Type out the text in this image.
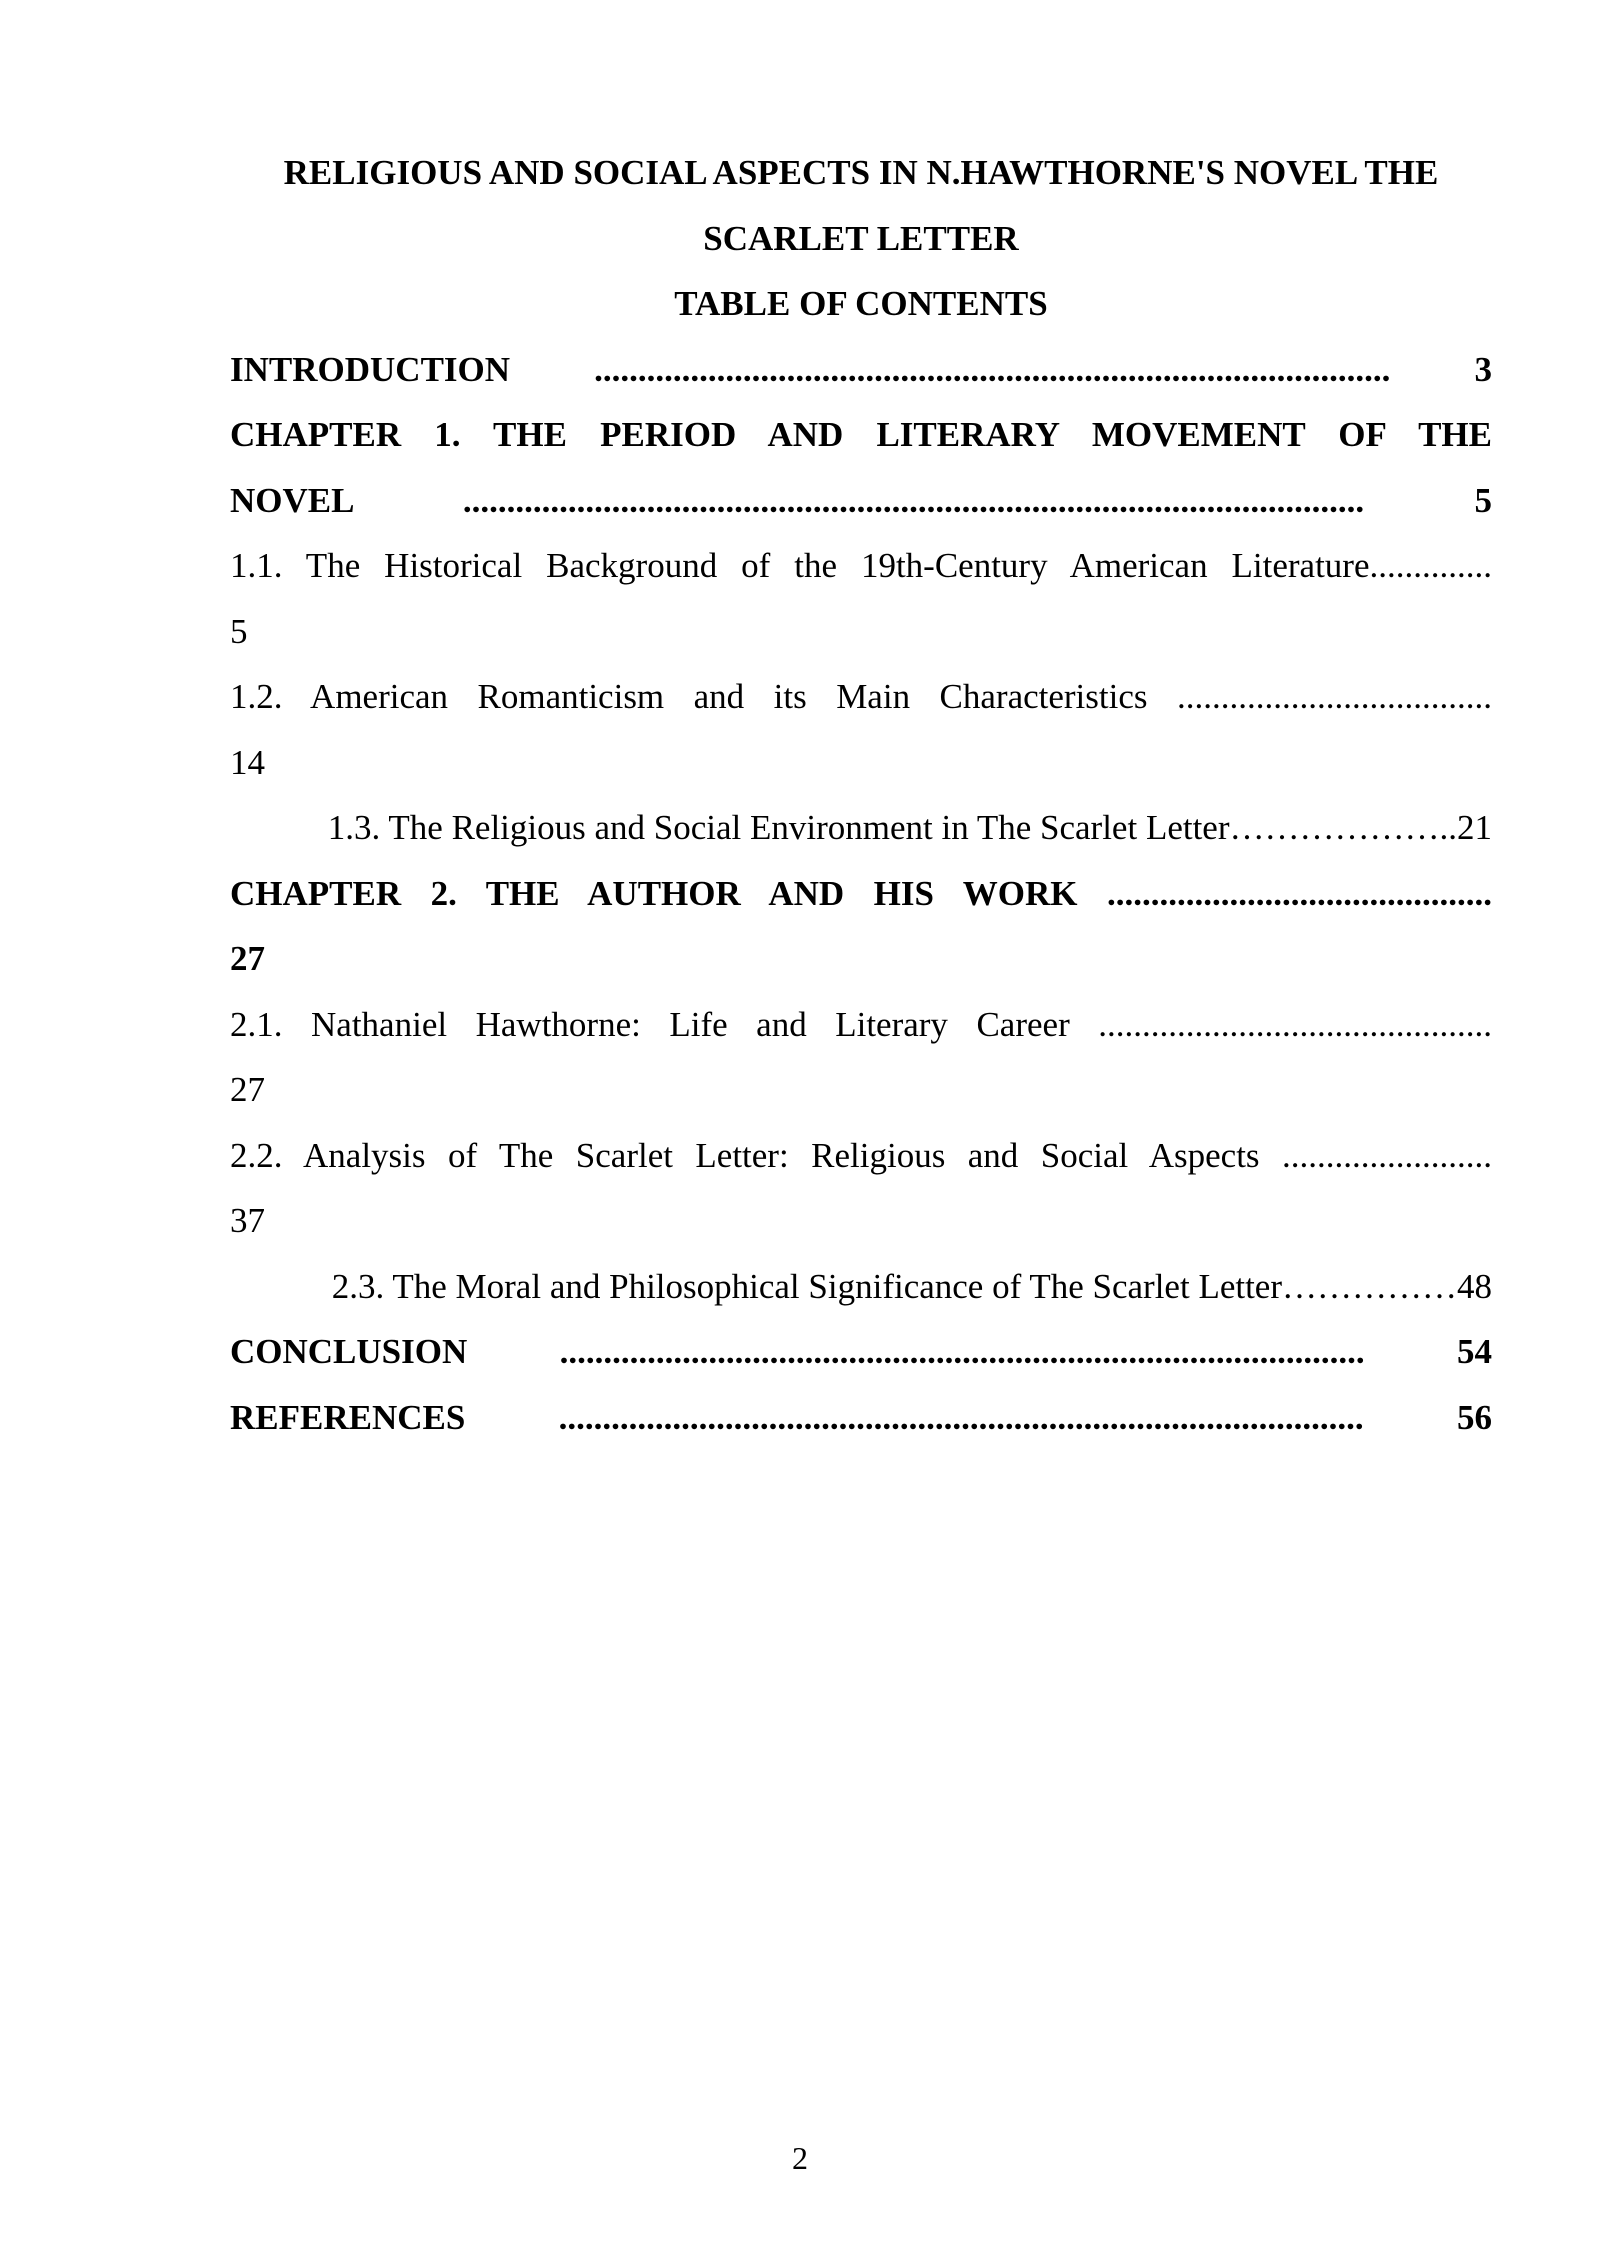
RELIGIOUS AND SOCIAL ASPECTS IN N.HAWTHORNE'S NOVEL THE
SCARLET LETTER
TABLE OF CONTENTS
INTRODUCTION ........................................................................................... 3
CHAPTER 1. THE PERIOD AND LITERARY MOVEMENT OF THE
NOVEL ....................................................................................................... 5
1.1. The Historical Background of the 19th-Century American Literature..............
5
1.2. American Romanticism and its Main Characteristics ....................................
14
1.3. The Religious and Social Environment in The Scarlet Letter………………..21
CHAPTER 2. THE AUTHOR AND HIS WORK ............................................
27
2.1. Nathaniel Hawthorne: Life and Literary Career .............................................
27
2.2. Analysis of The Scarlet Letter: Religious and Social Aspects ........................
37
2.3. The Moral and Philosophical Significance of The Scarlet Letter……………48
CONCLUSION ............................................................................................ 54
REFERENCES ............................................................................................ 56
2
